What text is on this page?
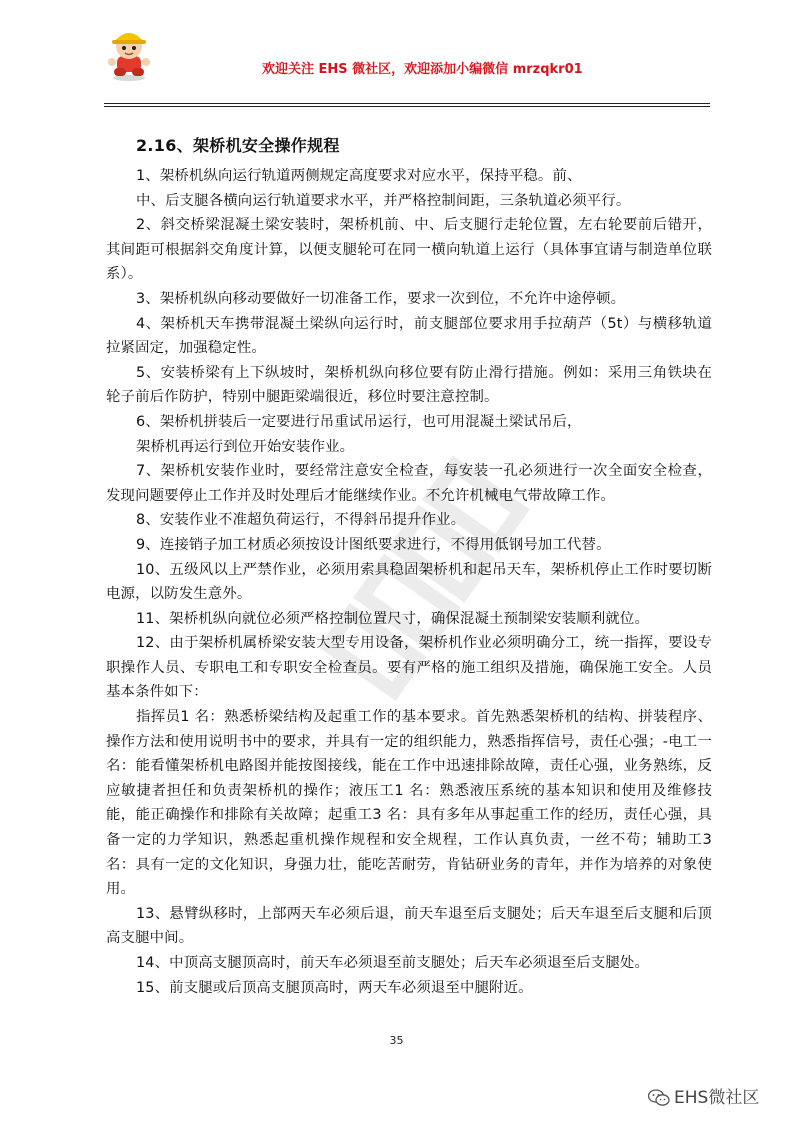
欢迎关注 EHS 微社区，欢迎添加小编微信 mrzqkr01
2.16、架桥机安全操作规程

1、架桥机纵向运行轨道两侧规定高度要求对应水平，保持平稳。前、

中、后支腿各横向运行轨道要求水平，并严格控制间距，三条轨道必须平行。

2、斜交桥梁混凝土梁安装时，架桥机前、中、后支腿行走轮位置，左右轮要前后错开，其间距可根据斜交角度计算，以便支腿轮可在同一横向轨道上运行（具体事宜请与制造单位联系）。

3、架桥机纵向移动要做好一切准备工作，要求一次到位，不允许中途停顿。

4、架桥机天车携带混凝土梁纵向运行时，前支腿部位要求用手拉葫芦（5t）与横移轨道拉紧固定，加强稳定性。

5、安装桥梁有上下纵坡时，架桥机纵向移位要有防止滑行措施。例如：采用三角铁块在轮子前后作防护，特别中腿距梁端很近，移位时要注意控制。

6、架桥机拼装后一定要进行吊重试吊运行，也可用混凝土梁试吊后，

架桥机再运行到位开始安装作业。

7、架桥机安装作业时，要经常注意安全检查，每安装一孔必须进行一次全面安全检查，发现问题要停止工作并及时处理后才能继续作业。不允许机械电气带故障工作。

8、安装作业不准超负荷运行，不得斜吊提升作业。

9、连接销子加工材质必须按设计图纸要求进行，不得用低钢号加工代替。

10、五级风以上严禁作业，必须用索具稳固架桥机和起吊天车，架桥机停止工作时要切断电源，以防发生意外。

11、架桥机纵向就位必须严格控制位置尺寸，确保混凝土预制梁安装顺利就位。

12、由于架桥机属桥梁安装大型专用设备，架桥机作业必须明确分工，统一指挥，要设专职操作人员、专职电工和专职安全检查员。要有严格的施工组织及措施，确保施工安全。人员基本条件如下：

指挥员1 名：熟悉桥梁结构及起重工作的基本要求。首先熟悉架桥机的结构、拼装程序、操作方法和使用说明书中的要求，并具有一定的组织能力，熟悉指挥信号，责任心强；-电工一名：能看懂架桥机电路图并能按图接线，能在工作中迅速排除故障，责任心强，业务熟练，反应敏捷者担任和负责架桥机的操作；液压工1 名：熟悉液压系统的基本知识和使用及维修技能，能正确操作和排除有关故障；起重工3 名：具有多年从事起重工作的经历，责任心强，具备一定的力学知识，熟悉起重机操作规程和安全规程，工作认真负责，一丝不苟；辅助工3 名：具有一定的文化知识，身强力壮，能吃苦耐劳，肯钻研业务的青年，并作为培养的对象使用。

13、悬臂纵移时，上部两天车必须后退，前天车退至后支腿处；后天车退至后支腿和后顶高支腿中间。

14、中顶高支腿顶高时，前天车必须退至前支腿处；后天车必须退至后支腿处。

15、前支腿或后顶高支腿顶高时，两天车必须退至中腿附近。

35
EHS微社区
